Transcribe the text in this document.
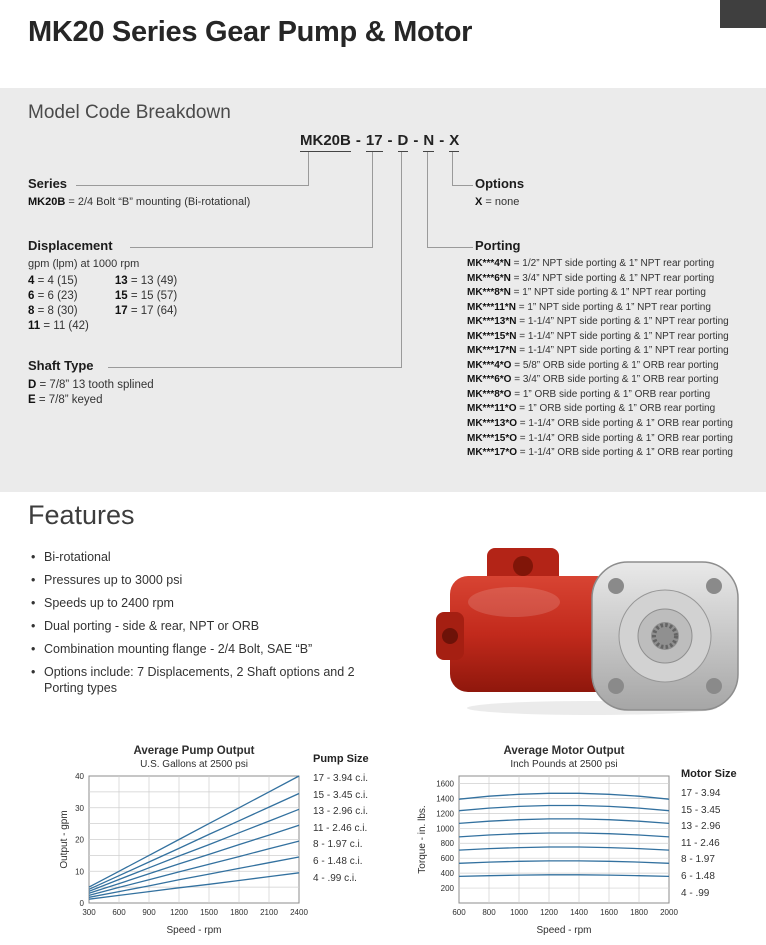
MK20 Series Gear Pump & Motor
Model Code Breakdown
MK20B - 17 - D - N - X
Series
MK20B = 2/4 Bolt “B” mounting (Bi-rotational)
Options
X = none
Displacement
gpm (lpm) at 1000 rpm
4 = 4 (15)
6 = 6 (23)
8 = 8 (30)
11 = 11 (42)
13 = 13 (49)
15 = 15 (57)
17 = 17 (64)
Shaft Type
D = 7/8” 13 tooth splined
E = 7/8” keyed
Porting
MK***4*N = 1/2” NPT side porting & 1” NPT rear porting
MK***6*N = 3/4” NPT side porting & 1” NPT rear porting
MK***8*N = 1” NPT side porting & 1” NPT rear porting
MK***11*N = 1” NPT side porting & 1” NPT rear porting
MK***13*N = 1-1/4” NPT side porting & 1” NPT rear porting
MK***15*N = 1-1/4” NPT side porting & 1” NPT rear porting
MK***17*N = 1-1/4” NPT side porting & 1” NPT rear porting
MK***4*O = 5/8” ORB side porting & 1” ORB rear porting
MK***6*O = 3/4” ORB side porting & 1” ORB rear porting
MK***8*O = 1” ORB side porting & 1” ORB rear porting
MK***11*O = 1” ORB side porting & 1” ORB rear porting
MK***13*O = 1-1/4” ORB side porting & 1” ORB rear porting
MK***15*O = 1-1/4” ORB side porting & 1” ORB rear porting
MK***17*O = 1-1/4” ORB side porting & 1” ORB rear porting
Features
• Bi-rotational
• Pressures up to 3000 psi
• Speeds up to 2400 rpm
• Dual porting - side & rear, NPT or ORB
• Combination mounting flange - 2/4 Bolt, SAE “B”
• Options include: 7 Displacements, 2 Shaft options and 2 Porting types
Average Pump Output
U.S. Gallons at 2500 psi
300 600 900 1200 1500 1800 2100 2400
0
10
20
30
40
Speed - rpm
Output - gpm
Pump Size
17 - 3.94 c.i.
15 - 3.45 c.i.
13 - 2.96 c.i.
11 - 2.46 c.i.
8 - 1.97 c.i.
6 - 1.48 c.i.
4 - .99 c.i.
Average Motor Output
Inch Pounds at 2500 psi
600 800 1000 1200 1400 1600 1800 2000
200
400
600
800
1000
1200
1400
1600
Speed - rpm
Torque - in. lbs.
Motor Size
17 - 3.94
15 - 3.45
13 - 2.96
11 - 2.46
8 - 1.97
6 - 1.48
4 - .99
